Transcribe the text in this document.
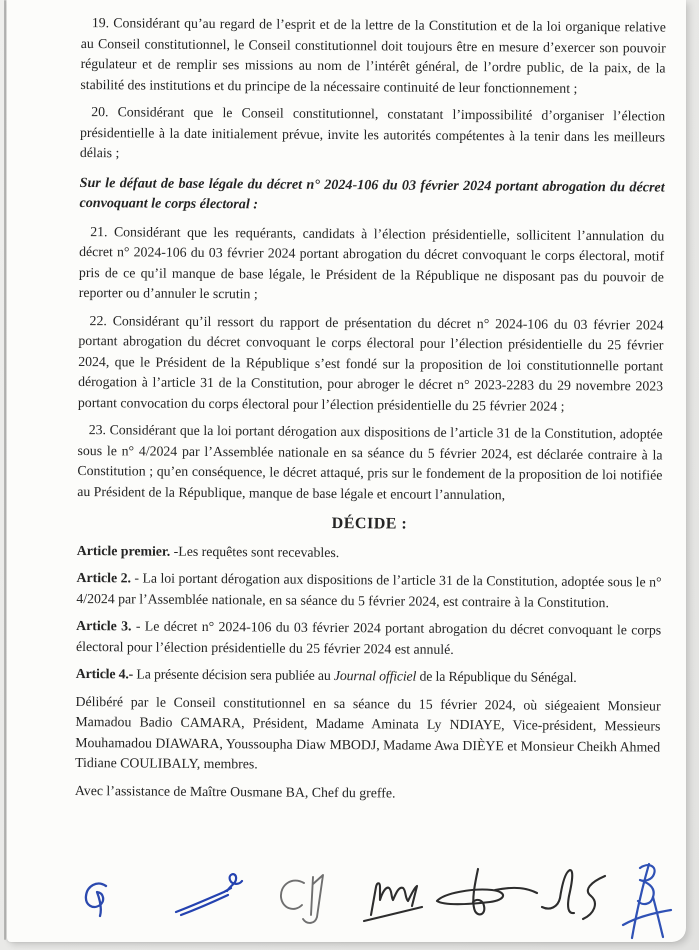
19. Considérant qu’au regard de l’esprit et de la lettre de la Constitution et de la loi organique relative au Conseil constitutionnel, le Conseil constitutionnel doit toujours être en mesure d’exercer son pouvoir régulateur et de remplir ses missions au nom de l’intérêt général, de l’ordre public, de la paix, de la stabilité des institutions et du principe de la nécessaire continuité de leur fonctionnement ;

20. Considérant que le Conseil constitutionnel, constatant l’impossibilité d’organiser l’élection présidentielle à la date initialement prévue, invite les autorités compétentes à la tenir dans les meilleurs délais ;

Sur le défaut de base légale du décret n° 2024-106 du 03 février 2024 portant abrogation du décret convoquant le corps électoral :

21. Considérant que les requérants, candidats à l’élection présidentielle, sollicitent l’annulation du décret n° 2024-106 du 03 février 2024 portant abrogation du décret convoquant le corps électoral, motif pris de ce qu’il manque de base légale, le Président de la République ne disposant pas du pouvoir de reporter ou d’annuler le scrutin ;

22. Considérant qu’il ressort du rapport de présentation du décret n° 2024-106 du 03 février 2024 portant abrogation du décret convoquant le corps électoral pour l’élection présidentielle du 25 février 2024, que le Président de la République s’est fondé sur la proposition de loi constitutionnelle portant dérogation à l’article 31 de la Constitution, pour abroger le décret n° 2023-2283 du 29 novembre 2023 portant convocation du corps électoral pour l’élection présidentielle du 25 février 2024 ;

23. Considérant que la loi portant dérogation aux dispositions de l’article 31 de la Constitution, adoptée sous le n° 4/2024 par l’Assemblée nationale en sa séance du 5 février 2024, est déclarée contraire à la Constitution ; qu’en conséquence, le décret attaqué, pris sur le fondement de la proposition de loi notifiée au Président de la République, manque de base légale et encourt l’annulation,

DÉCIDE :

Article premier. -Les requêtes sont recevables.

Article 2. - La loi portant dérogation aux dispositions de l’article 31 de la Constitution, adoptée sous le n° 4/2024 par l’Assemblée nationale, en sa séance du 5 février 2024, est contraire à la Constitution.

Article 3. - Le décret n° 2024-106 du 03 février 2024 portant abrogation du décret convoquant le corps électoral pour l’élection présidentielle du 25 février 2024 est annulé.

Article 4.- La présente décision sera publiée au Journal officiel de la République du Sénégal.

Délibéré par le Conseil constitutionnel en sa séance du 15 février 2024, où siégeaient Monsieur Mamadou Badio CAMARA, Président, Madame Aminata Ly NDIAYE, Vice-président, Messieurs Mouhamadou DIAWARA, Youssoupha Diaw MBODJ, Madame Awa DIÈYE et Monsieur Cheikh Ahmed Tidiane COULIBALY, membres.

Avec l’assistance de Maître Ousmane BA, Chef du greffe.
